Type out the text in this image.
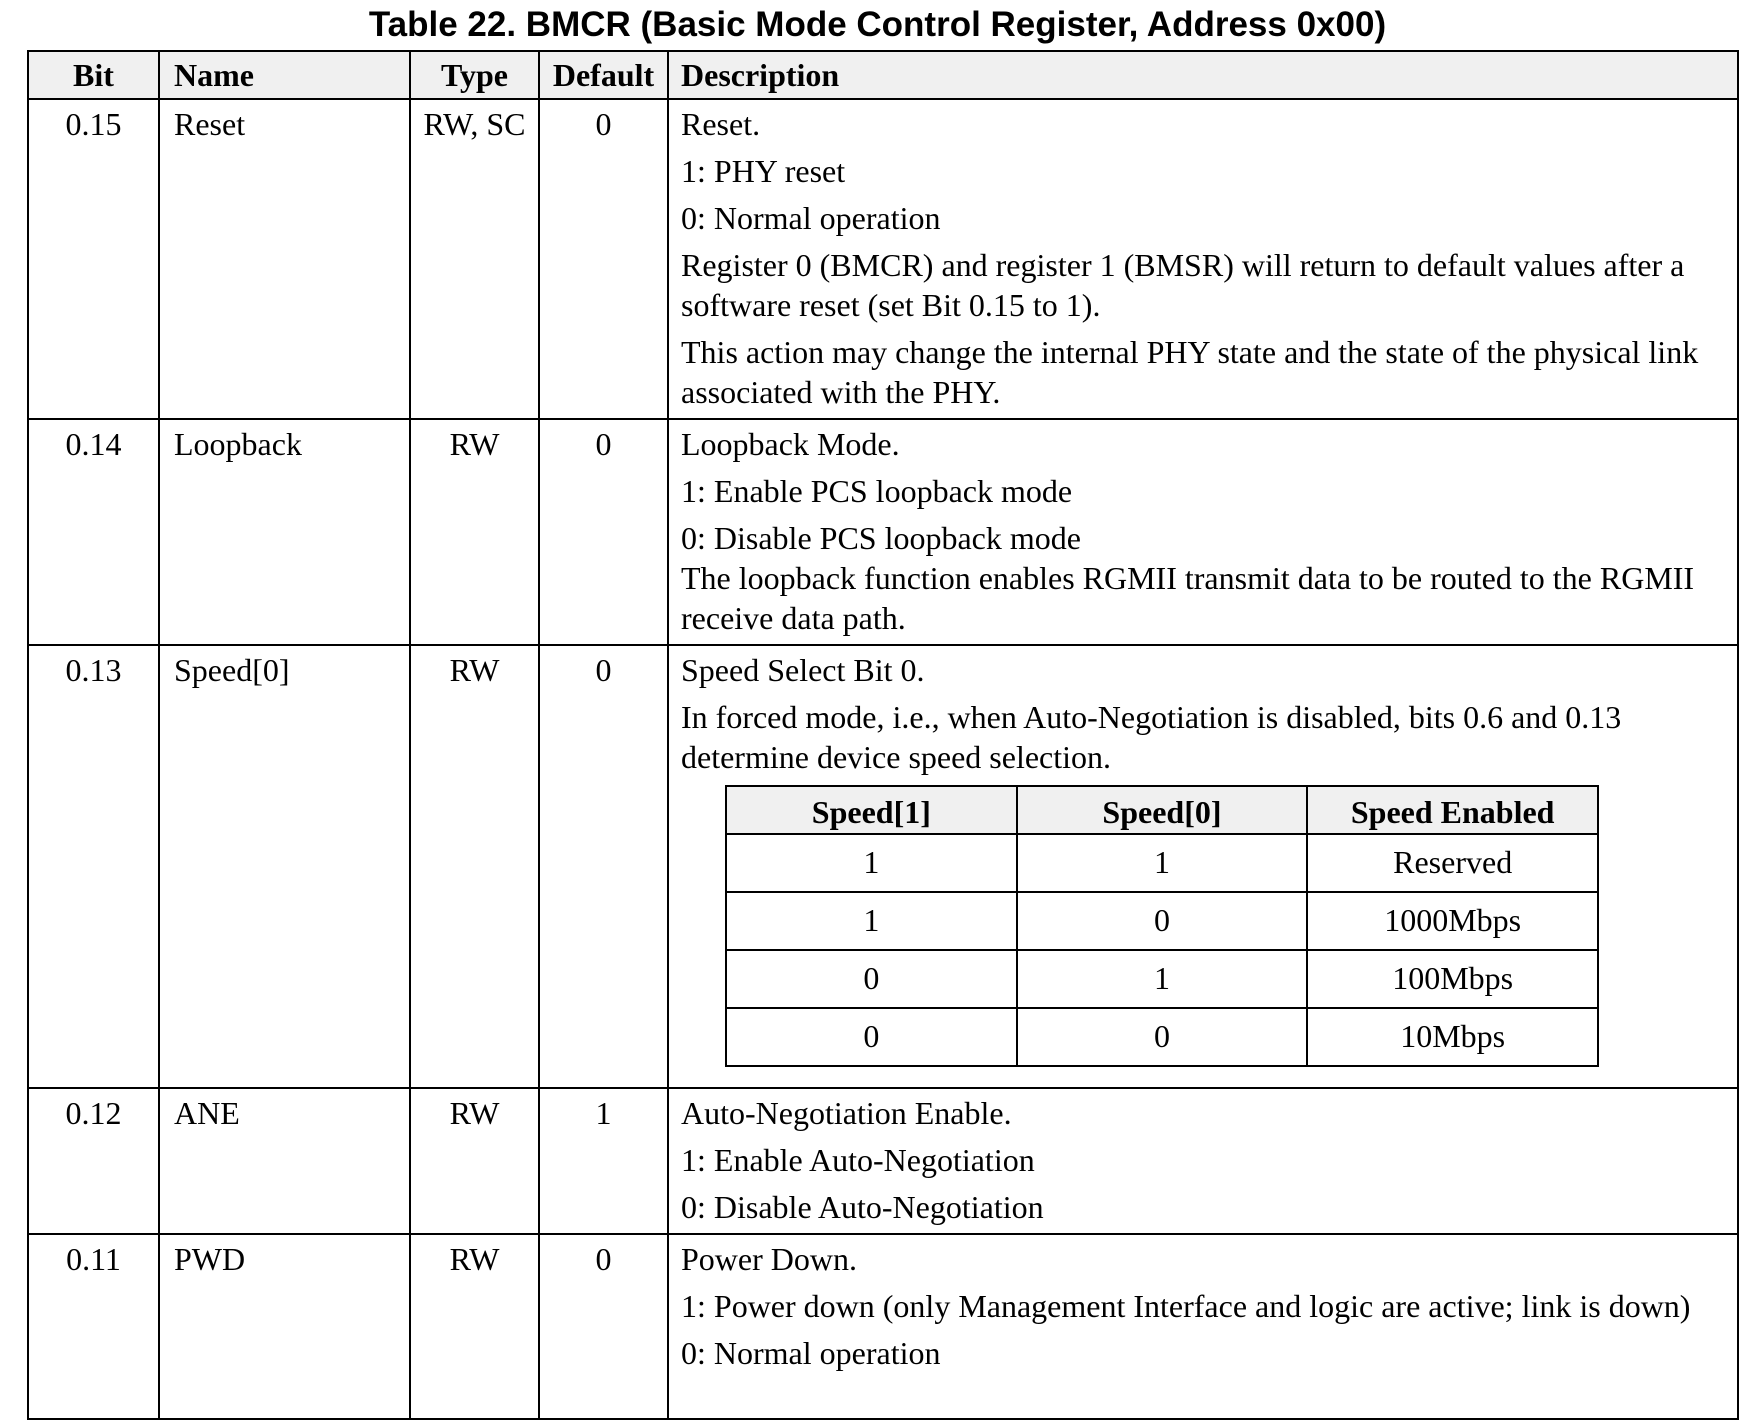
Table 22. BMCR (Basic Mode Control Register, Address 0x00)
Bit	Name	Type	Default	Description
0.15	Reset	RW, SC	0	Reset.
1: PHY reset
0: Normal operation
Register 0 (BMCR) and register 1 (BMSR) will return to default values after a software reset (set Bit 0.15 to 1).
This action may change the internal PHY state and the state of the physical link associated with the PHY.

0.14	Loopback	RW	0	Loopback Mode.
1: Enable PCS loopback mode
0: Disable PCS loopback mode
The loopback function enables RGMII transmit data to be routed to the RGMII receive data path.

0.13	Speed[0]	RW	0	Speed Select Bit 0.
In forced mode, i.e., when Auto-Negotiation is disabled, bits 0.6 and 0.13 determine device speed selection.
Speed[1]	Speed[0]	Speed Enabled
1	1	Reserved
1	0	1000Mbps
0	1	100Mbps
0	0	10Mbps

0.12	ANE	RW	1	Auto-Negotiation Enable.
1: Enable Auto-Negotiation
0: Disable Auto-Negotiation

0.11	PWD	RW	0	Power Down.
1: Power down (only Management Interface and logic are active; link is down)
0: Normal operation
